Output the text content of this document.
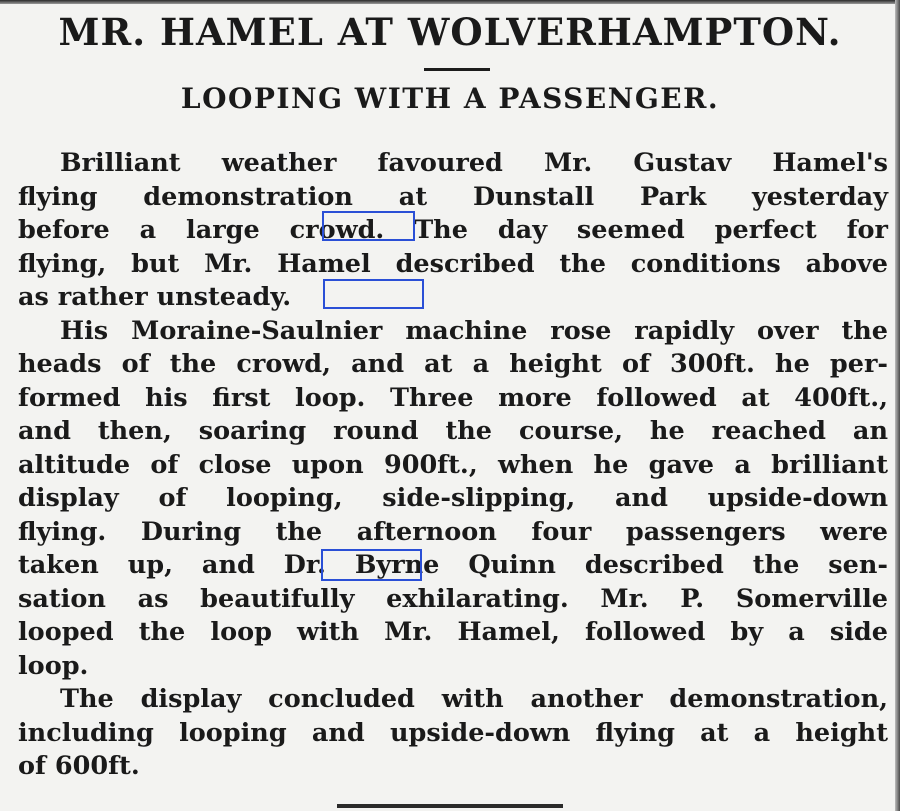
MR. HAMEL AT WOLVERHAMPTON.
LOOPING WITH A PASSENGER.
Brilliant weather favoured Mr. Gustav Hamel's
flying demonstration at Dunstall Park yesterday
before a large crowd. The day seemed perfect for
flying, but Mr. Hamel described the conditions above
as rather unsteady.
His Moraine-Saulnier machine rose rapidly over the
heads of the crowd, and at a height of 300ft. he per-
formed his first loop. Three more followed at 400ft.,
and then, soaring round the course, he reached an
altitude of close upon 900ft., when he gave a brilliant
display of looping, side-slipping, and upside-down
flying. During the afternoon four passengers were
taken up, and Dr. Byrne Quinn described the sen-
sation as beautifully exhilarating. Mr. P. Somerville
looped the loop with Mr. Hamel, followed by a side
loop.
The display concluded with another demonstration,
including looping and upside-down flying at a height
of 600ft.
